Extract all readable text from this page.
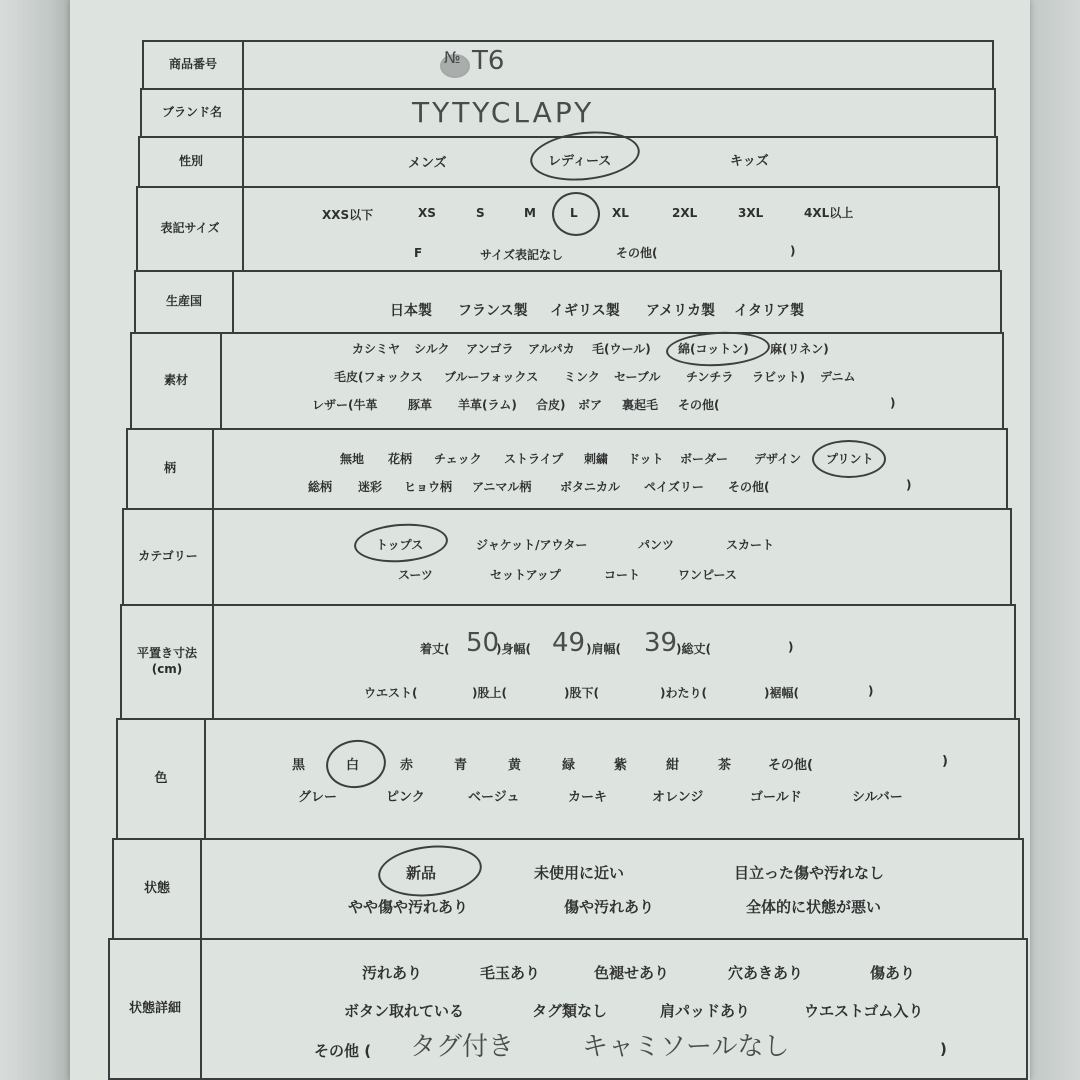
商品番号	№ T6
ブランド名	TYTYCLAPY
性別	メンズ	レディース	キッズ
表記サイズ
XXS以下	XS	S	M	L	XL	2XL	3XL	4XL以上
F	サイズ表記なし	その他(	)
生産国
日本製 フランス製 イギリス製 アメリカ製 イタリア製
素材
カシミヤ シルク アンゴラ アルパカ 毛(ウール) 綿(コットン) 麻(リネン)
毛皮(フォックス ブルーフォックス ミンク セーブル チンチラ ラビット) デニム
レザー(牛革	豚革 羊革(ラム) 合皮) ボア 裏起毛 その他(	)
柄
無地 花柄 チェック ストライプ 刺繍 ドット ボーダー デザイン プリント
総柄 迷彩 ヒョウ柄 アニマル柄 ボタニカル ペイズリー その他(	)
カテゴリー
トップス	ジャケット/アウター	パンツ	スカート
スーツ	セットアップ	コート	ワンピース
平置き寸法
(cm)
着丈( 50
)身幅( 49 )肩幅( 39
)総丈(	)
ウエスト(	)股上(	)股下(	)わたり(	)裾幅(	)
色
黒	白	赤	青	黄	緑	紫	紺	茶	その他(	)
グレー	ピンク	ベージュ	カーキ	オレンジ	ゴールド	シルバー
状態
新品	未使用に近い	目立った傷や汚れなし
やや傷や汚れあり	傷や汚れあり	全体的に状態が悪い
状態詳細
汚れあり	毛玉あり	色褪せあり	穴あきあり	傷あり
ボタン取れている	タグ類なし	肩パッドあり	ウエストゴム入り
その他 ( タグ付き	キャミソールなし	)
